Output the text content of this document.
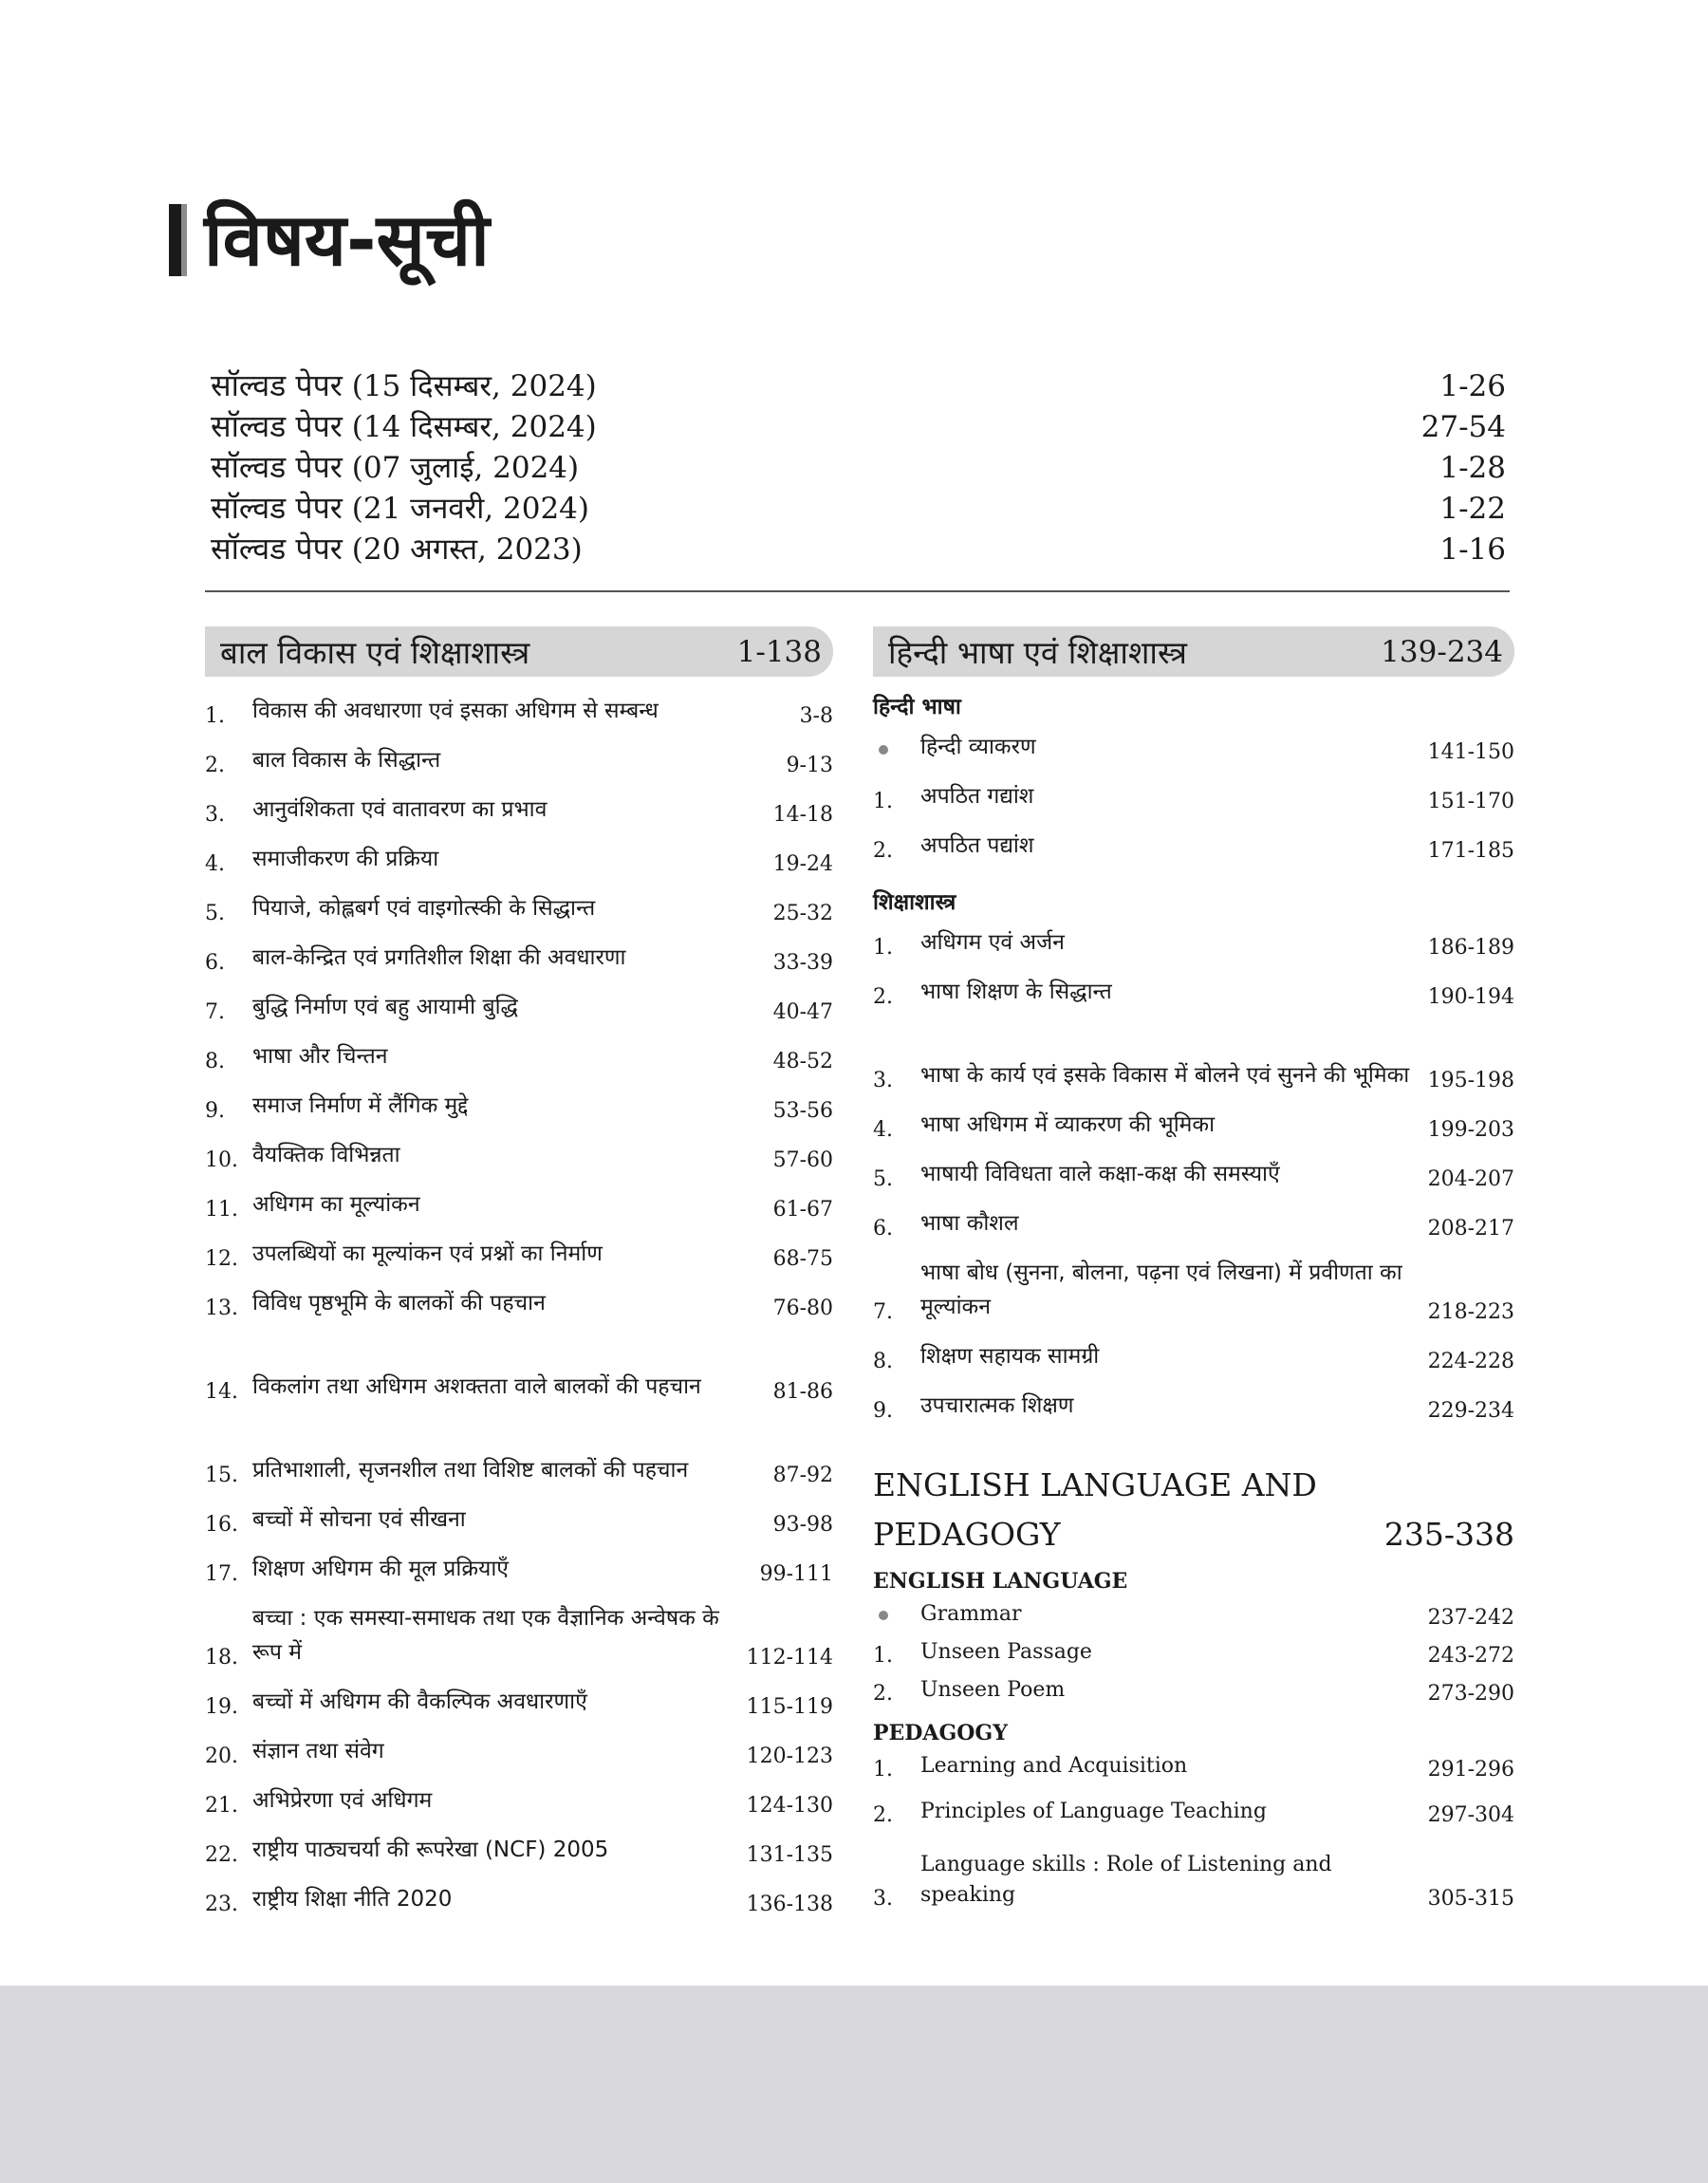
विषय-सूची
सॉल्वड पेपर (15 दिसम्बर, 2024)	1-26
सॉल्वड पेपर (14 दिसम्बर, 2024)	27-54
सॉल्वड पेपर (07 जुलाई, 2024)	1-28
सॉल्वड पेपर (21 जनवरी, 2024)	1-22
सॉल्वड पेपर (20 अगस्त, 2023)	1-16
बाल विकास एवं शिक्षाशास्त्र	1-138
1.	विकास की अवधारणा एवं इसका अधिगम से सम्बन्ध	3-8
2.	बाल विकास के सिद्धान्त	9-13
3.	आनुवंशिकता एवं वातावरण का प्रभाव	14-18
4.	समाजीकरण की प्रक्रिया	19-24
5.	पियाजे, कोह्लबर्ग एवं वाइगोत्स्की के सिद्धान्त	25-32
6.	बाल-केन्द्रित एवं प्रगतिशील शिक्षा की अवधारणा	33-39
7.	बुद्धि निर्माण एवं बहु आयामी बुद्धि	40-47
8.	भाषा और चिन्तन	48-52
9.	समाज निर्माण में लैंगिक मुद्दे	53-56
10. वैयक्तिक विभिन्नता	57-60
11. अधिगम का मूल्यांकन	61-67
12. उपलब्धियों का मूल्यांकन एवं प्रश्नों का निर्माण	68-75
13. विविध पृष्ठभूमि के बालकों की पहचान	76-80
14. विकलांग तथा अधिगम अशक्तता वाले बालकों की पहचान	81-86
15. प्रतिभाशाली, सृजनशील तथा विशिष्ट बालकों की पहचान	87-92
16. बच्चों में सोचना एवं सीखना	93-98
17. शिक्षण अधिगम की मूल प्रक्रियाएँ	99-111
18.
बच्चा : एक समस्या-समाधक तथा एक वैज्ञानिक अन्वेषक के रूप में	112-114
19. बच्चों में अधिगम की वैकल्पिक अवधारणाएँ	115-119
20. संज्ञान तथा संवेग	120-123
21. अभिप्रेरणा एवं अधिगम	124-130
22. राष्ट्रीय पाठ्यचर्या की रूपरेखा (NCF) 2005	131-135
23. राष्ट्रीय शिक्षा नीति 2020	136-138
हिन्दी भाषा एवं शिक्षाशास्त्र	139-234
हिन्दी भाषा
हिन्दी व्याकरण	141-150
1.	अपठित गद्यांश	151-170
2.	अपठित पद्यांश	171-185
शिक्षाशास्त्र
1.	अधिगम एवं अर्जन	186-189
2.	भाषा शिक्षण के सिद्धान्त	190-194
3.	भाषा के कार्य एवं इसके विकास में बोलने एवं सुनने की भूमिका 195-198
4.	भाषा अधिगम में व्याकरण की भूमिका	199-203
5.	भाषायी विविधता वाले कक्षा-कक्ष की समस्याएँ	204-207
6.	भाषा कौशल	208-217
7.
भाषा बोध (सुनना, बोलना, पढ़ना एवं लिखना) में प्रवीणता का मूल्यांकन	218-223
8.	शिक्षण सहायक सामग्री	224-228
9.	उपचारात्मक शिक्षण	229-234
ENGLISH LANGUAGE AND
PEDAGOGY	235-338
ENGLISH LANGUAGE
Grammar	237-242
1.	Unseen Passage	243-272
2.	Unseen Poem	273-290
PEDAGOGY
1.	Learning and Acquisition	291-296
2.	Principles of Language Teaching	297-304
3.
Language skills : Role of Listening and speaking	305-315
